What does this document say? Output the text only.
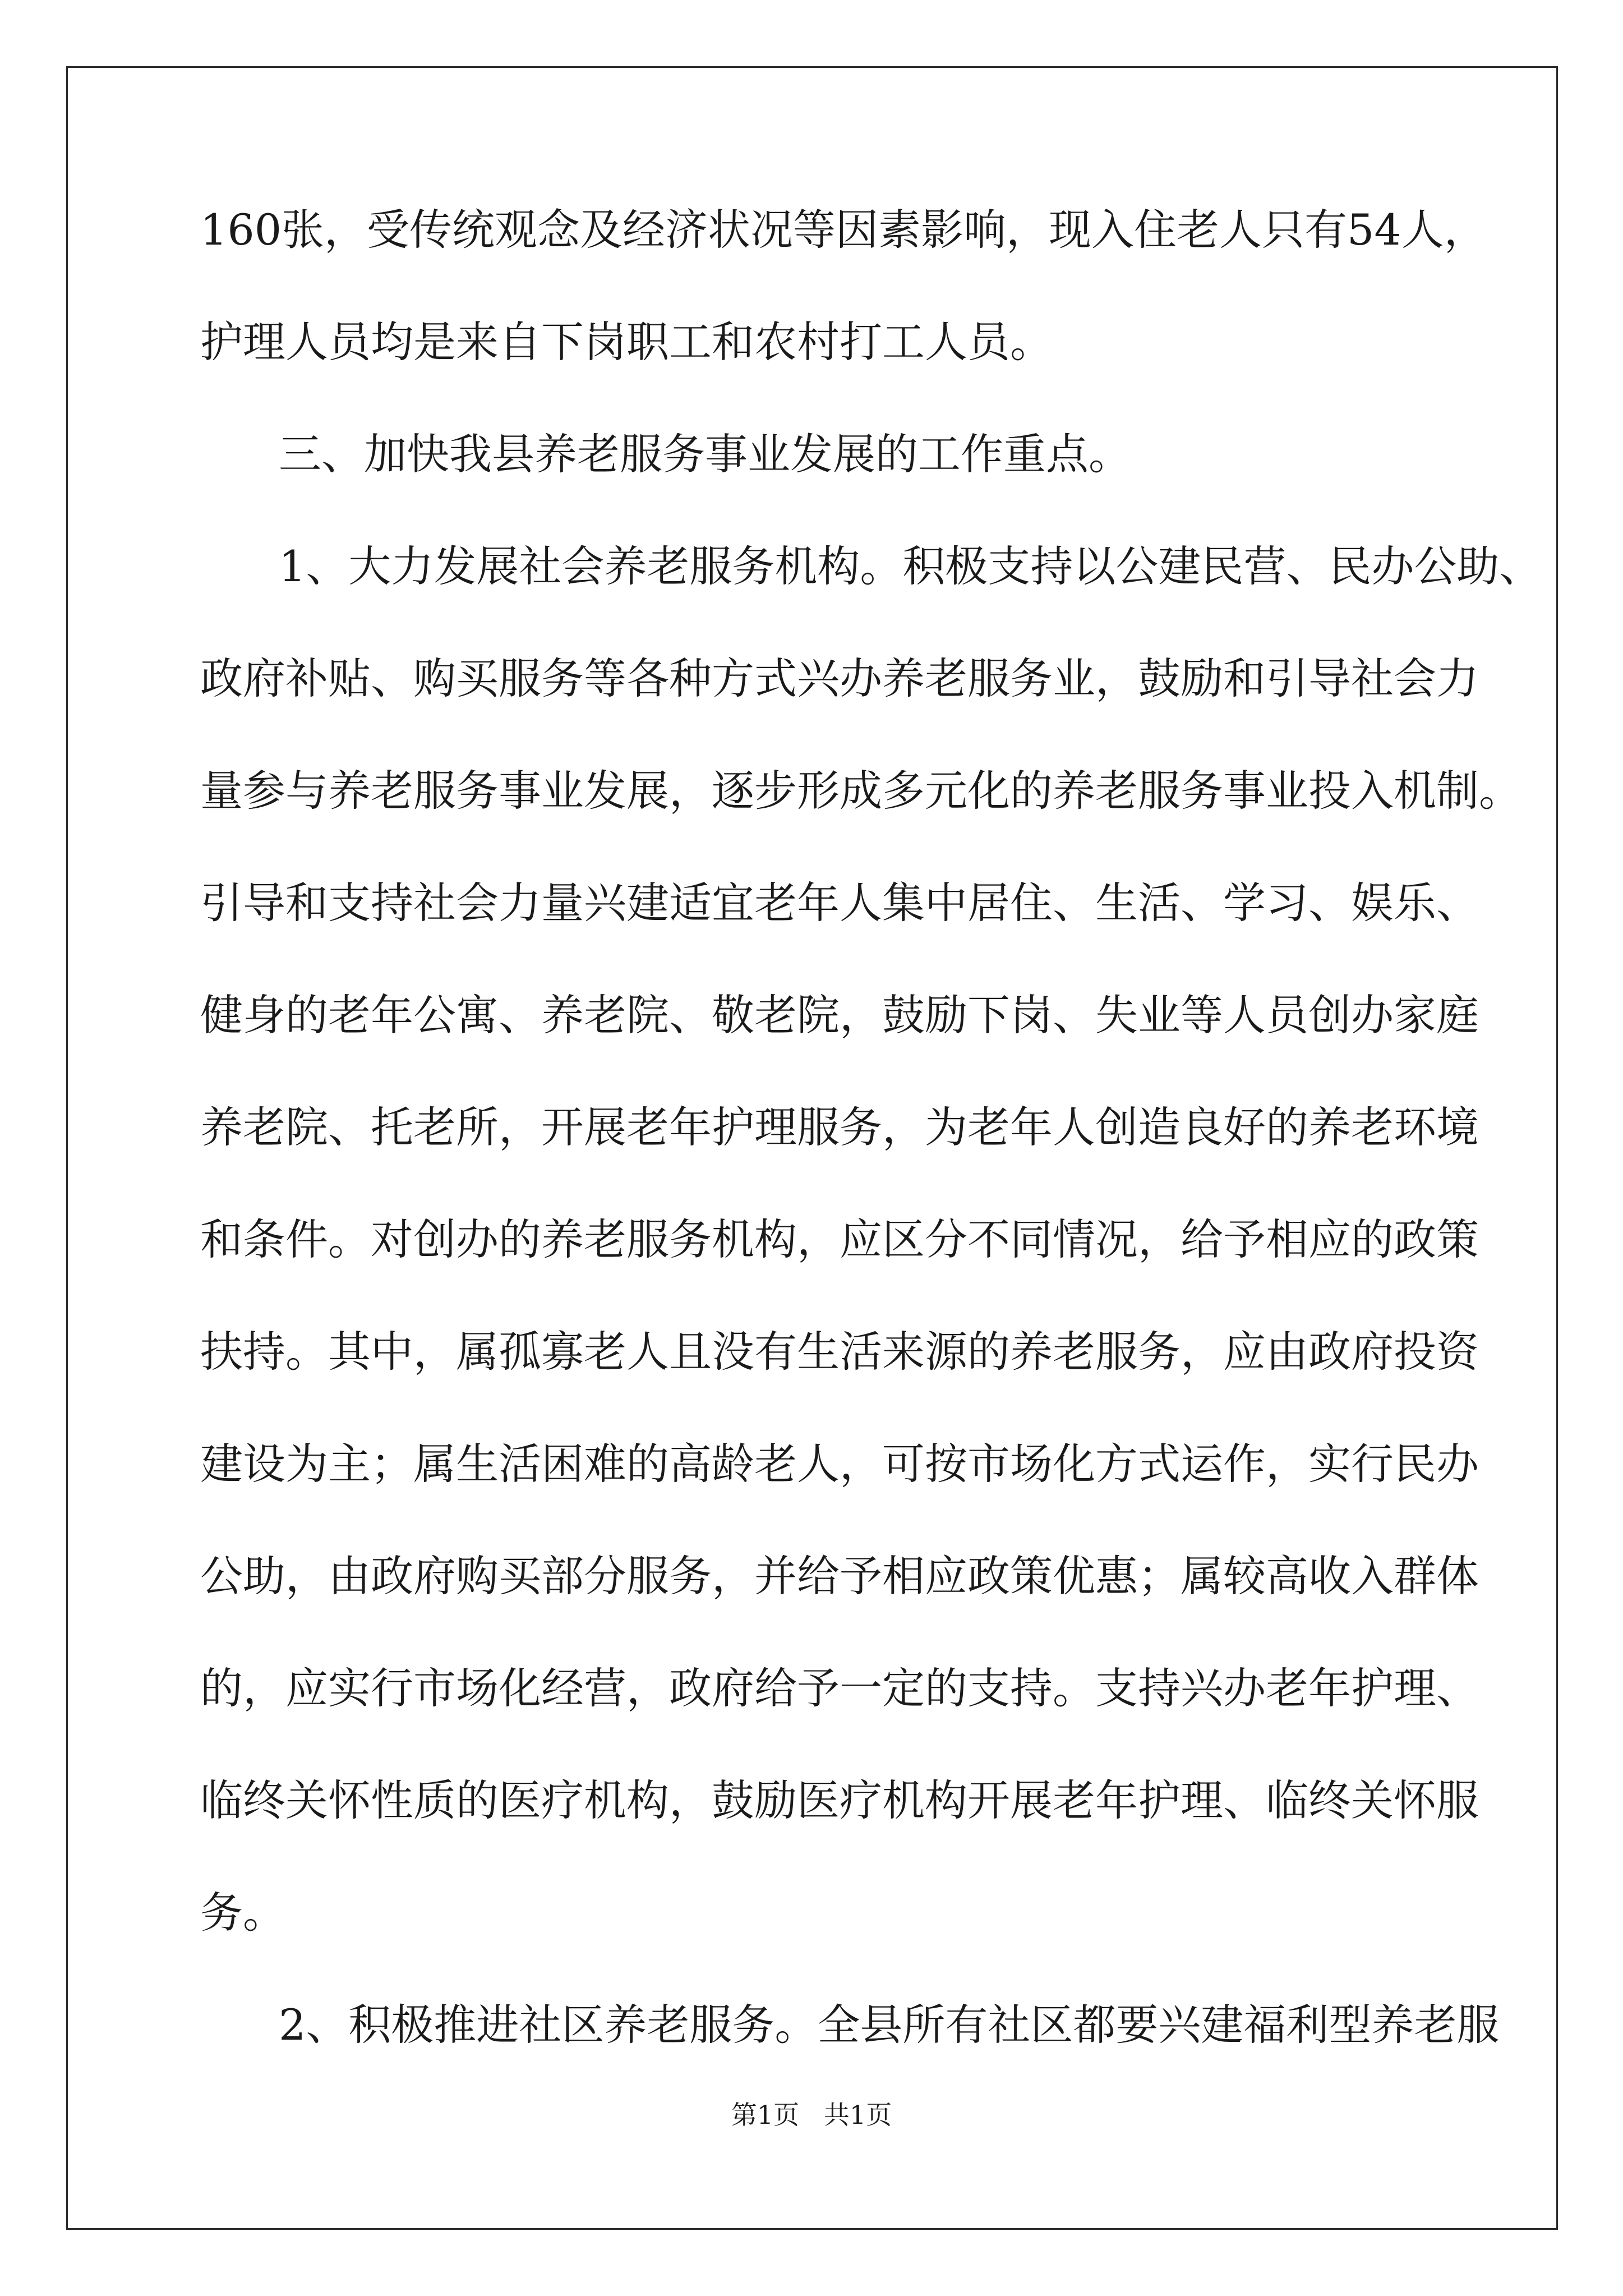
160张，受传统观念及经济状况等因素影响，现入住老人只有54人，
护理人员均是来自下岗职工和农村打工人员。
三、加快我县养老服务事业发展的工作重点。
1、大力发展社会养老服务机构。积极支持以公建民营、民办公助、
政府补贴、购买服务等各种方式兴办养老服务业，鼓励和引导社会力
量参与养老服务事业发展，逐步形成多元化的养老服务事业投入机制。
引导和支持社会力量兴建适宜老年人集中居住、生活、学习、娱乐、
健身的老年公寓、养老院、敬老院，鼓励下岗、失业等人员创办家庭
养老院、托老所，开展老年护理服务，为老年人创造良好的养老环境
和条件。对创办的养老服务机构，应区分不同情况，给予相应的政策
扶持。其中，属孤寡老人且没有生活来源的养老服务，应由政府投资
建设为主；属生活困难的高龄老人，可按市场化方式运作，实行民办
公助，由政府购买部分服务，并给予相应政策优惠；属较高收入群体
的，应实行市场化经营，政府给予一定的支持。支持兴办老年护理、
临终关怀性质的医疗机构，鼓励医疗机构开展老年护理、临终关怀服
务。
2、积极推进社区养老服务。全县所有社区都要兴建福利型养老服
第1页   共1页
